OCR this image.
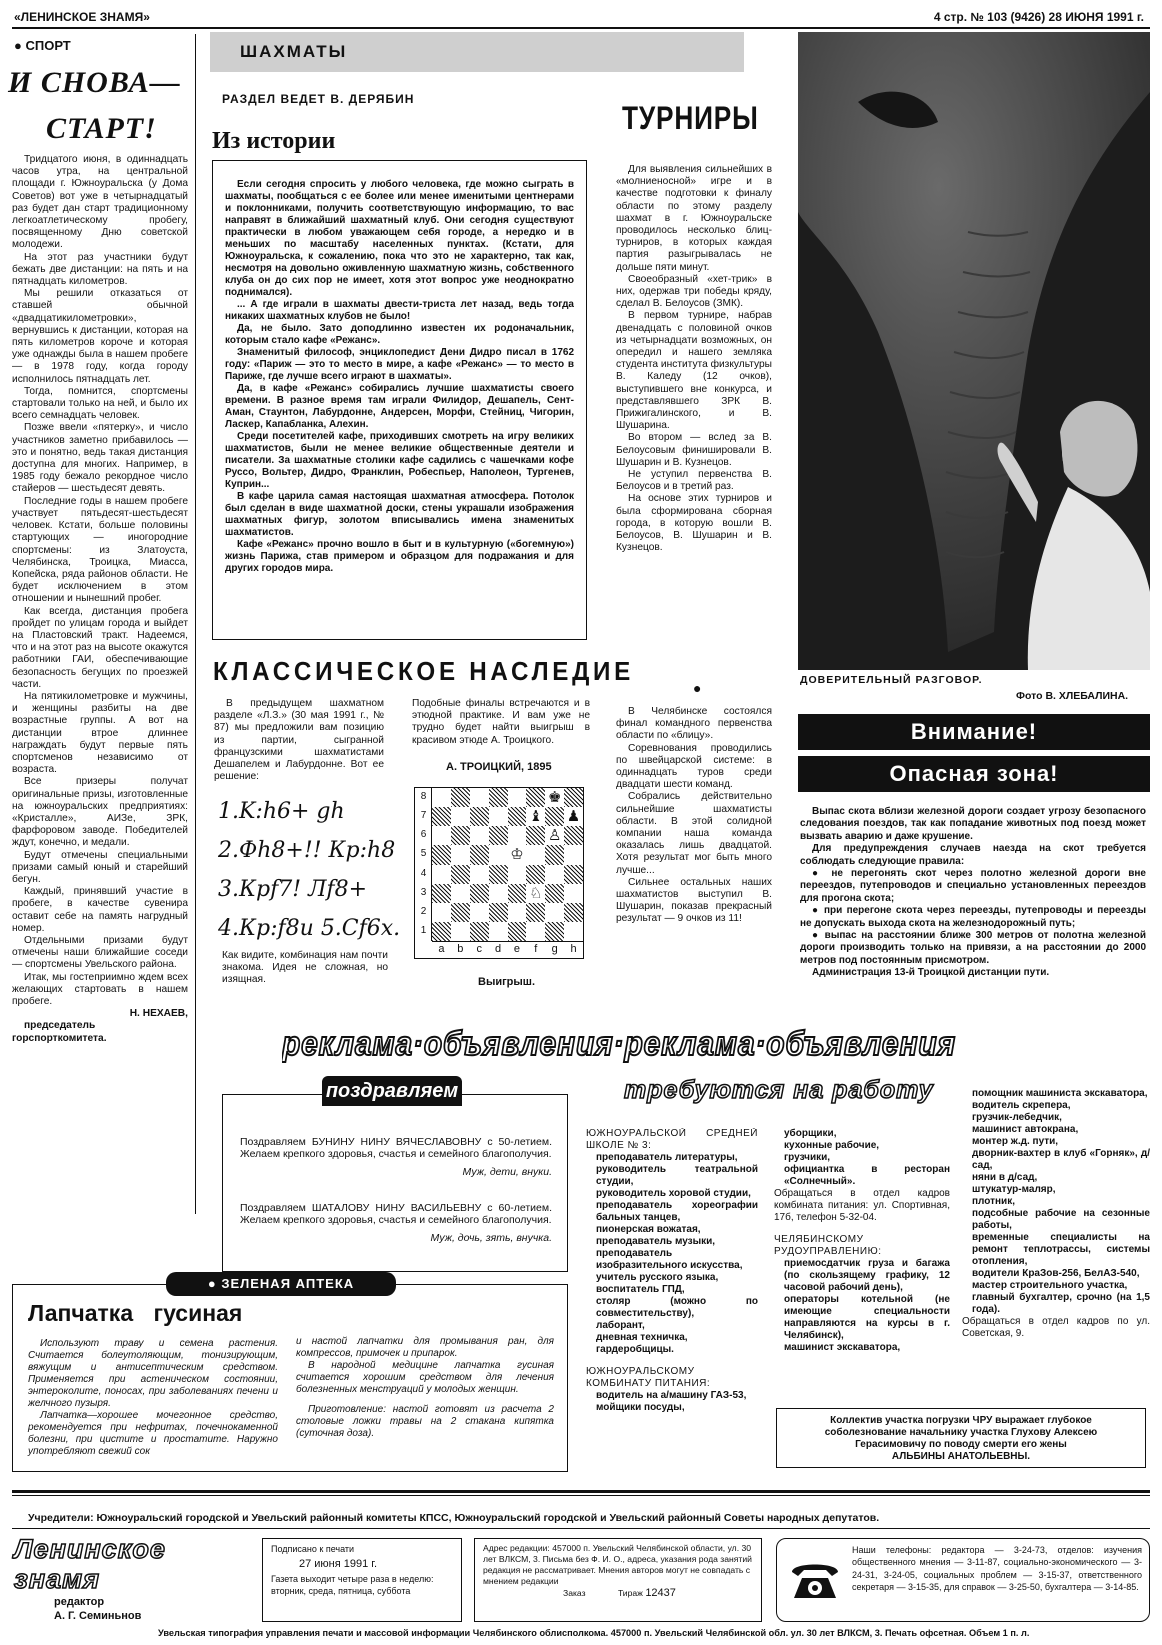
«ЛЕНИНСКОЕ ЗНАМЯ»	4 стр. № 103 (9426) 28 ИЮНЯ 1991 г.
● СПОРТ
И СНОВА—
СТАРТ!

Тридцатого июня, в одиннадцать часов утра, на центральной площади г. Южноуральска (у Дома Советов) вот уже в четырнадцатый раз будет дан старт традиционному легкоатлетическому пробегу, посвященному Дню советской молодежи.

На этот раз участники будут бежать две дистанции: на пять и на пятнадцать километров.

Мы решили отказаться от ставшей обычной «двадцатикилометровки», вернувшись к дистанции, которая на пять километров короче и которая уже однажды была в нашем пробеге — в 1978 году, когда городу исполнилось пятнадцать лет.

Тогда, помнится, спортсмены стартовали только на ней, и было их всего семнадцать человек.

Позже ввели «пятерку», и число участников заметно прибавилось — это и понятно, ведь такая дистанция доступна для многих. Например, в 1985 году бежало рекордное число стайеров — шестьдесят девять.

Последние годы в нашем пробеге участвует пятьдесят-шестьдесят человек. Кстати, больше половины стартующих — иногородние спортсмены: из Златоуста, Челябинска, Троицка, Миасса, Копейска, ряда районов области. Не будет исключением в этом отношении и нынешний пробег.

Как всегда, дистанция пробега пройдет по улицам города и выйдет на Пластовский тракт. Надеемся, что и на этот раз на высоте окажутся работники ГАИ, обеспечивающие безопасность бегущих по проезжей части.

На пятикилометровке и мужчины, и женщины разбиты на две возрастные группы. А вот на дистанции втрое длиннее награждать будут первые пять спортсменов независимо от возраста.

Все призеры получат оригинальные призы, изготовленные на южноуральских предприятиях: «Кристалле», АИЗе, ЗРК, фарфоровом заводе. Победителей ждут, конечно, и медали.

Будут отмечены специальными призами самый юный и старейший бегун.

Каждый, принявший участие в пробеге, в качестве сувенира оставит себе на память нагрудный номер.

Отдельными призами будут отмечены наши ближайшие соседи — спортсмены Увельского района.

Итак, мы гостеприимно ждем всех желающих стартовать в нашем пробеге.

Н. НЕХАЕВ,

председатель горспорткомитета.

ШАХМАТЫ
РАЗДЕЛ ВЕДЕТ В. ДЕРЯБИН
Из истории

Если сегодня спросить у любого человека, где можно сыграть в шахматы, пообщаться с ее более или менее именитыми центнерами и поклонниками, получить соответствующую информацию, то вас направят в ближайший шахматный клуб. Они сегодня существуют практически в любом уважающем себя городе, а нередко и в меньших по масштабу населенных пунктах. (Кстати, для Южноуральска, к сожалению, пока что это не характерно, так как, несмотря на довольно оживленную шахматную жизнь, собственного клуба он до сих пор не имеет, хотя этот вопрос уже неоднократно поднимался).

... А где играли в шахматы двести-триста лет назад, ведь тогда никаких шахматных клубов не было!

Да, не было. Зато доподлинно известен их родоначальник, которым стало кафе «Режанс».

Знаменитый философ, энциклопедист Дени Дидро писал в 1762 году: «Париж — это то место в мире, а кафе «Режанс» — то место в Париже, где лучше всего играют в шахматы».

Да, в кафе «Режанс» собирались лучшие шахматисты своего времени. В разное время там играли Филидор, Дешапель, Сент-Аман, Стаунтон, Лабурдонне, Андерсен, Морфи, Стейниц, Чигорин, Ласкер, Капабланка, Алехин.

Среди посетителей кафе, приходивших смотреть на игру великих шахматистов, были не менее великие общественные деятели и писатели. За шахматные столики кафе садились с чашечками кофе Руссо, Вольтер, Дидро, Франклин, Робеспьер, Наполеон, Тургенев, Куприн...

В кафе царила самая настоящая шахматная атмосфера. Потолок был сделан в виде шахматной доски, стены украшали изображения шахматных фигур, золотом вписывались имена знаменитых шахматистов.

Кафе «Режанс» прочно вошло в быт и в культурную («богемную») жизнь Парижа, став примером и образцом для подражания и для других городов мира.

ТУРНИРЫ

Для выявления сильнейших в «молниеносной» игре и в качестве подготовки к финалу области по этому разделу шахмат в г. Южноуральске проводилось несколько блиц-турниров, в которых каждая партия разыгрывалась не дольше пяти минут.

Своеобразный «хет-трик» в них, одержав три победы кряду, сделал В. Белоусов (ЗМК).

В первом турнире, набрав двенадцать с половиной очков из четырнадцати возможных, он опередил и нашего земляка студента института физкультуры В. Каледу (12 очков), выступившего вне конкурса, и представлявшего ЗРК В. Прижигалинского, и В. Шушарина.

Во втором — вслед за В. Белоусовым финишировали В. Шушарин и В. Кузнецов.

Не уступил первенства В. Белоусов и в третий раз.

На основе этих турниров и была сформирована сборная города, в которую вошли В. Белоусов, В. Шушарин и В. Кузнецов.

КЛАССИЧЕСКОЕ НАСЛЕДИЕ

В предыдущем шахматном разделе «Л.З.» (30 мая 1991 г., № 87) мы предложили вам позицию из партии, сыгранной французскими шахматистами Дешапелем и Лабурдонне. Вот ее решение:

1.K:h6+ gh
2.Фh8+!! Кр:h8
3.Крf7! Лf8+
4.Кр:f8и 5.Сf6х.
Как видите, комбинация нам почти знакома. Идея не сложная, но изящная.
Подобные финалы встречаются и в этюдной практике. И вам уже не трудно будет найти выигрыш в красивом этюде А. Троицкого.
А. ТРОИЦКИЙ, 1895
8
7
6
5
4
3
2
1
♚
♝ ♟
♙
♔
♘
a	b	c	d	e	f	g	h
Выигрыш.
●

В Челябинске состоялся финал командного первенства области по «блицу».

Соревнования проводились по швейцарской системе: в одиннадцать туров среди двадцати шести команд.

Собрались действительно сильнейшие шахматисты области. В этой солидной компании наша команда оказалась лишь двадцатой. Хотя результат мог быть много лучше...

Сильнее остальных наших шахматистов выступил В. Шушарин, показав прекрасный результат — 9 очков из 11!

ДОВЕРИТЕЛЬНЫЙ РАЗГОВОР.
Фото В. ХЛЕБАЛИНА.
Внимание!
Опасная зона!

Выпас скота вблизи железной дороги создает угрозу безопасного следования поездов, так как попадание животных под поезд может вызвать аварию и даже крушение.

Для предупреждения случаев наезда на скот требуется соблюдать следующие правила:

● не перегонять скот через полотно железной дороги вне переездов, путепроводов и специально установленных переездов для прогона скота;

● при перегоне скота через переезды, путепроводы и переезды не допускать выхода скота на железнодорожный путь;

● выпас на расстоянии ближе 300 метров от полотна железной дороги производить только на привязи, а на расстоянии до 2000 метров под постоянным присмотром.

Администрация 13-й Троицкой дистанции пути.

реклама·объявления·реклама·объявления
поздравляем

Поздравляем БУНИНУ НИНУ ВЯЧЕСЛАВОВНУ с 50-летием. Желаем крепкого здоровья, счастья и семейного благополучия.

Муж, дети, внуки.

Поздравляем ШАТАЛОВУ НИНУ ВАСИЛЬЕВНУ с 60-летием. Желаем крепкого здоровья, счастья и семейного благополучия.

Муж, дочь, зять, внучка.

требуются на работу
ЮЖНОУРАЛЬСКОЙ СРЕДНЕЙ ШКОЛЕ № 3:
преподаватель литературы,
руководитель театральной студии,
руководитель хоровой студии,
преподаватель хореографии бальных танцев,
пионерская вожатая,
преподаватель музыки,
преподаватель изобразительного искусства,
учитель русского языка,
воспитатель ГПД,
столяр (можно по совместительству),
лаборант,
дневная техничка,
гардеробщицы.
ЮЖНОУРАЛЬСКОМУ КОМБИНАТУ ПИТАНИЯ:
водитель на а/машину ГАЗ-53,
мойщики посуды,
уборщики,
кухонные рабочие,
грузчики,
официантка в ресторан «Солнечный».
Обращаться в отдел кадров комбината питания: ул. Спортивная, 17б, телефон 5-32-04.
ЧЕЛЯБИНСКОМУ РУДОУПРАВЛЕНИЮ:
приемосдатчик груза и багажа (по скользящему графику, 12 часовой рабочий день),
операторы котельной (не имеющие специальности направляются на курсы в г. Челябинск),
машинист экскаватора,
помощник машиниста экскаватора,
водитель скрепера,
грузчик-лебедчик,
машинист автокрана,
монтер ж.д. пути,
дворник-вахтер в клуб «Горняк», д/сад,
няни в д/сад,
штукатур-маляр,
плотник,
подсобные рабочие на сезонные работы,
временные специалисты на ремонт теплотрассы, системы отопления,
водители КраЗов-256, БелАЗ-540,
мастер строительного участка,
главный бухгалтер, срочно (на 1,5 года).
Обращаться в отдел кадров по ул. Советская, 9.
Коллектив участка погрузки ЧРУ выражает глубокое соболезнование начальнику участка Глухову Алексею Герасимовичу по поводу смерти его жены
АЛЬБИНЫ АНАТОЛЬЕВНЫ.
● ЗЕЛЕНАЯ АПТЕКА
Лапчатка гусиная

Используют траву и семена растения. Считается болеутоляющим, тонизирующим, вяжущим и антисептическим средством. Применяется при астеническом состоянии, энтероколите, поносах, при заболеваниях печени и желчного пузыря.

Лапчатка—хорошее мочегонное средство, рекомендуется при нефритах, почечнокаменной болезни, при цистите и простатите. Наружно употребляют свежий сок

и настой лапчатки для промывания ран, для компрессов, примочек и припарок.

В народной медицине лапчатка гусиная считается хорошим средством для лечения болезненных менструаций у молодых женщин.

Приготовление: настой готовят из расчета 2 столовые ложки травы на 2 стакана кипятка (суточная доза).

Учредители: Южноуральский городской и Увельский районный комитеты КПСС, Южноуральский городской и Увельский районный Советы народных депутатов.
Ленинское знамя
редактор
А. Г. Семиньнов
Подписано к печати
27 июня 1991 г.
Газета выходит четыре раза в неделю: вторник, среда, пятница, суббота
Адрес редакции: 457000 п. Увельский Челябинской области, ул. 30 лет ВЛКСМ, 3. Письма без Ф. И. О., адреса, указания рода занятий редакция не рассматривает. Мнения авторов могут не совпадать с мнением редакции
Заказ	Тираж 12437
Наши телефоны: редактора — 3-24-73, отделов: изучения общественного мнения — 3-11-87, социально-экономического — 3-24-31, 3-24-05, социальных проблем — 3-15-37, ответственного секретаря — 3-15-35, для справок — 3-25-50, бухгалтера — 3-14-85.
Увельская типография управления печати и массовой информации Челябинского облисполкома. 457000 п. Увельский Челябинской обл. ул. 30 лет ВЛКСМ, 3. Печать офсетная. Объем 1 п. л.
